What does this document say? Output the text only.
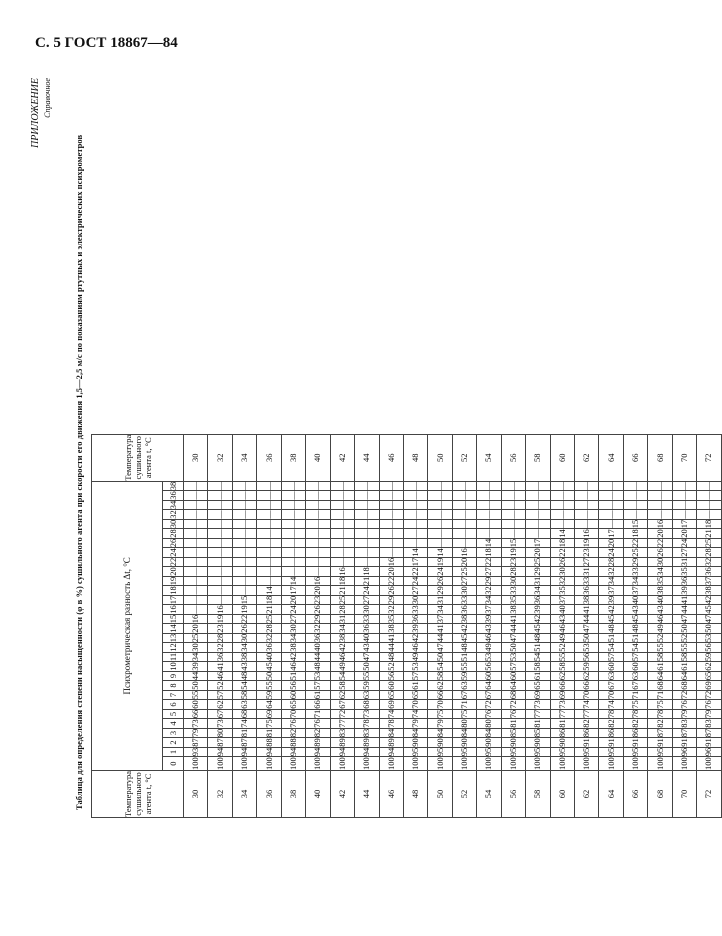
С. 5 ГОСТ 18867—84
ПРИЛОЖЕНИЕ Справочное
Таблица для определения степени насыщенности (φ в %) сушильного агента при скорости его движения 1,5—2,5 м/с по показаниям ртутных и электрических психрометров	Температура сушильного агента t, °С	Психрометрическая разность Δt, °С																														Температура сушильного агента t, °С
	0	1	2	3	4	5	6	7	8	9	10	11	12	13	14	15	16	17	18	19	20	22	24	26	28	30	32	34	36	38	
30	100	93	87	79	73	66	60	55	50	44	39	34	30	25	20	16	—	—	—	—	—	—	—	—	—	—	—	—	—	—	30
32	100	94	87	80	73	67	62	57	52	46	41	36	32	28	23	19	16	—	—	—	—	—	—	—	—	—	—	—	—	—	32
34	100	94	87	81	74	68	63	58	54	48	43	38	34	30	26	22	19	15	—	—	—	—	—	—	—	—	—	—	—	—	34
36	100	94	88	81	75	69	64	59	55	50	45	40	36	32	28	25	21	18	14	—	—	—	—	—	—	—	—	—	—	—	36
38	100	94	88	82	76	70	65	60	56	51	46	42	38	34	30	27	24	20	17	14	—	—	—	—	—	—	—	—	—	—	38
40	100	94	89	82	76	71	66	61	57	53	48	44	40	36	32	29	26	23	20	16	—	—	—	—	—	—	—	—	—	—	40
42	100	94	89	83	77	72	67	62	58	54	49	46	42	38	34	31	28	25	21	18	16	—	—	—	—	—	—	—	—	—	42
44	100	94	89	83	78	73	68	63	59	55	50	47	43	40	36	33	30	27	24	21	18	—	—	—	—	—	—	—	—	—	44
46	100	94	89	84	78	74	69	65	60	56	52	48	44	41	38	35	32	29	26	22	20	16	—	—	—	—	—	—	—	—	46
48	100	95	90	84	79	74	70	65	61	57	53	49	46	42	39	36	33	30	27	24	22	17	14	—	—	—	—	—	—	—	48
50	100	95	90	84	79	75	70	66	62	58	54	50	47	44	41	37	34	31	29	26	24	19	14	—	—	—	—	—	—	—	50
52	100	95	90	84	80	75	71	67	63	59	55	51	48	45	42	38	36	33	30	27	25	20	16	—	—	—	—	—	—	—	52
54	100	95	90	84	80	76	72	67	64	60	56	53	49	46	43	39	37	34	32	29	27	22	18	14	—	—	—	—	—	—	54
56	100	95	90	85	81	76	72	68	64	60	57	53	50	47	44	41	38	35	33	30	28	23	19	15	—	—	—	—	—	—	56
58	100	95	90	85	81	77	73	69	65	61	58	54	51	48	45	42	39	36	34	31	29	25	20	17	—	—	—	—	—	—	58
60	100	95	90	86	81	77	73	69	66	62	58	55	52	49	46	43	40	37	35	32	30	26	22	18	14	—	—	—	—	—	60
62	100	95	91	86	82	77	74	70	66	62	59	56	53	50	47	44	41	38	36	33	31	27	23	19	16	—	—	—	—	—	62
64	100	95	91	86	82	78	74	70	67	63	60	57	54	51	48	45	42	39	37	34	32	28	24	20	17	—	—	—	—	—	64
66	100	95	91	86	82	78	75	71	67	63	60	57	54	51	48	45	43	40	37	34	33	29	25	22	18	15	—	—	—	—	66
68	100	95	91	87	82	78	75	71	68	64	61	58	55	52	49	46	43	40	38	35	34	30	26	22	20	16	—	—	—	—	68
70	100	96	91	87	83	79	76	72	68	64	61	58	55	52	50	47	44	41	39	36	35	31	27	24	20	17	—	—	—	—	70
72	100	96	91	87	83	79	76	72	69	65	62	59	56	53	50	47	45	42	38	37	36	32	28	25	21	18	—	—	—	—	72
